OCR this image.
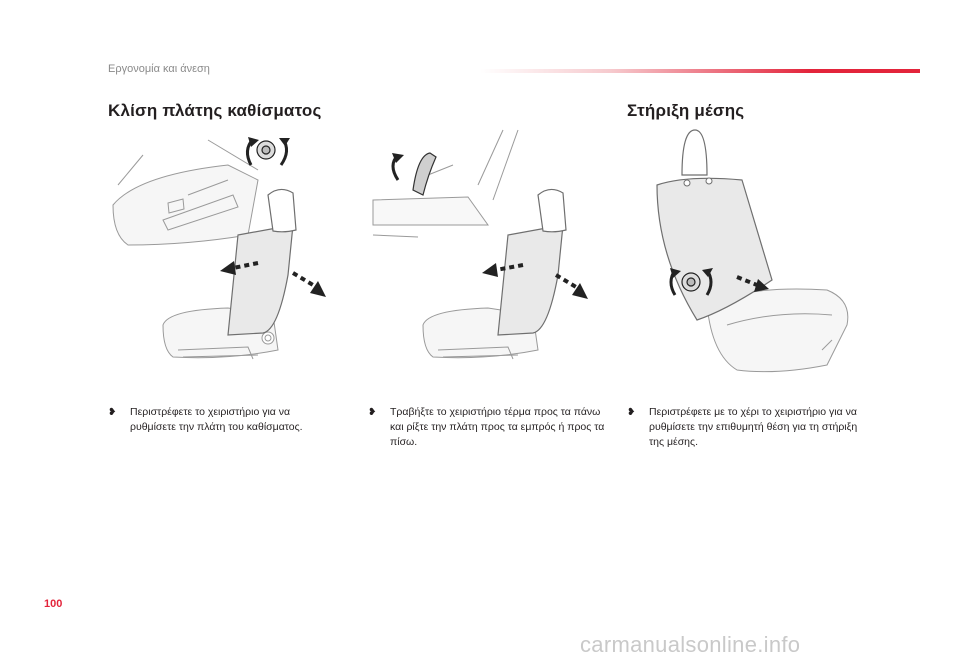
Εργονομία και άνεση
Κλίση πλάτης καθίσματος	Στήριξη μέσης
❥	Περιστρέφετε το χειριστήριο για να ρυθμίσετε την πλάτη του καθίσματος.
❥	Τραβήξτε το χειριστήριο τέρμα προς τα πάνω και ρίξτε την πλάτη προς τα εμπρός ή προς τα πίσω.
❥	Περιστρέφετε με το χέρι το χειριστήριο για να ρυθμίσετε την επιθυμητή θέση για τη στήριξη της μέσης.
100
carmanualsonline.info
